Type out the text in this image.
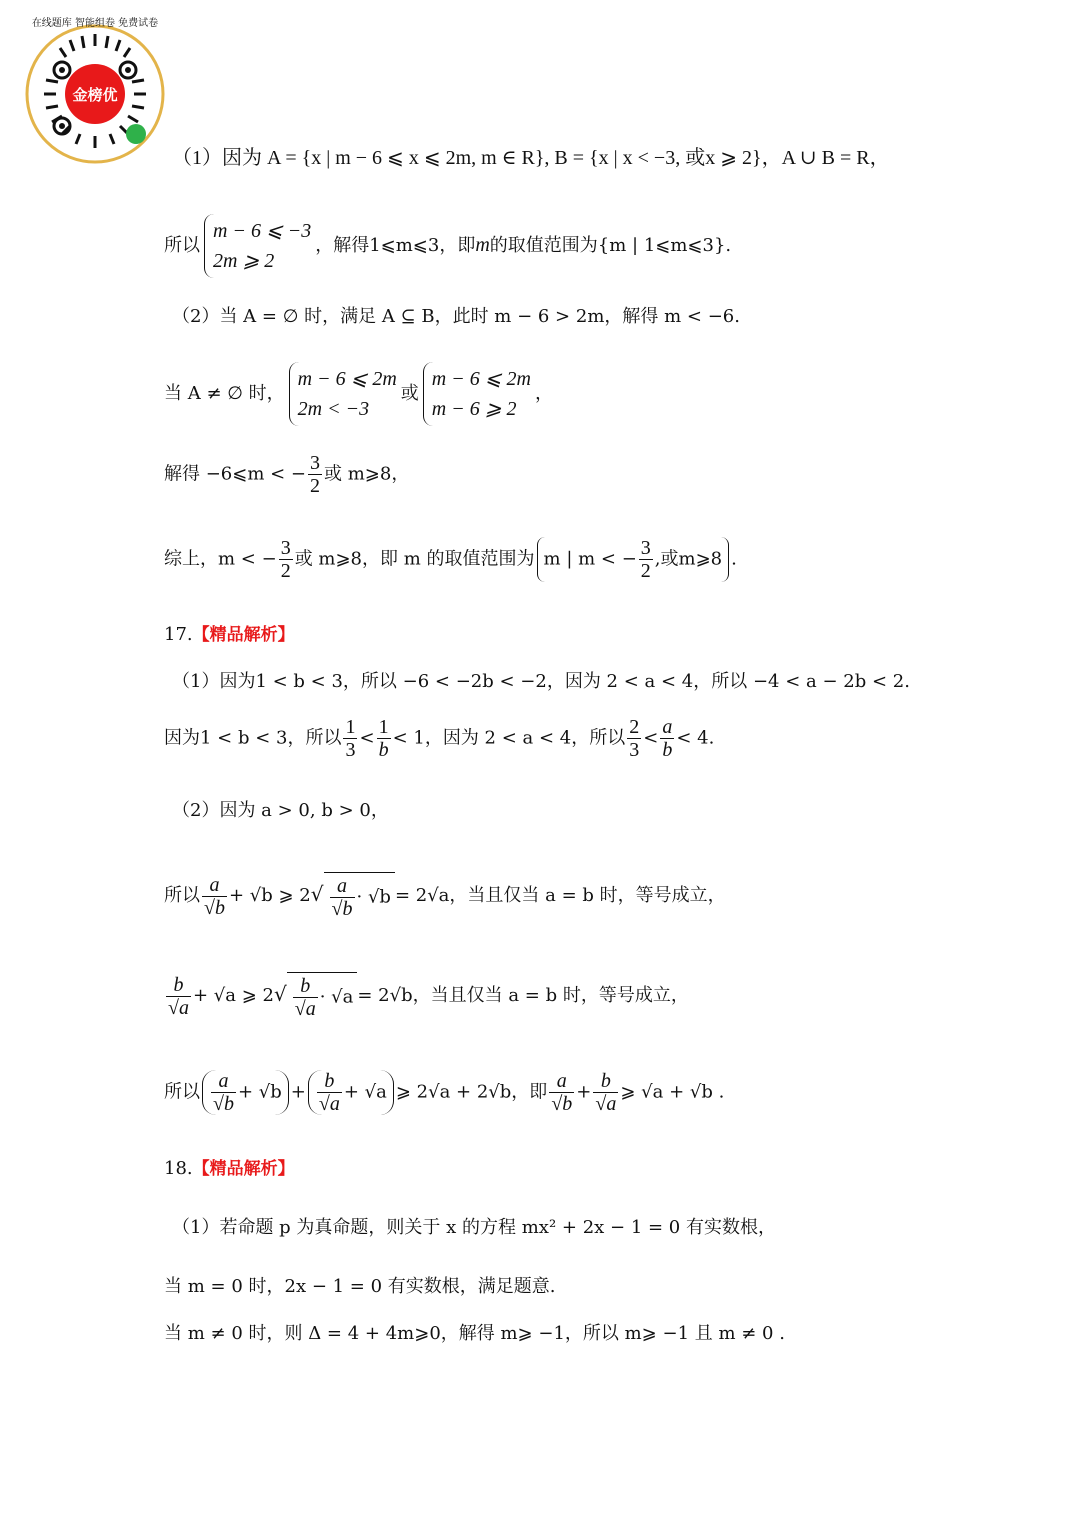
金榜优
在线题库 智能组卷 免费试卷
（1）因为 A = {x | m − 6 ⩽ x ⩽ 2m, m ∈ R}, B = {x | x < −3, 或x ⩾ 2}，A ∪ B = R，
所以
m − 6 ⩽ −3
2m ⩾ 2
，解得1⩽m⩽3，即m的取值范围为{m | 1⩽m⩽3}.
（2）当 A = ∅ 时，满足 A ⊆ B，此时 m − 6 > 2m，解得 m < −6.
当 A ≠ ∅ 时，
m − 6 ⩽ 2m
2m < −3
或
m − 6 ⩽ 2m
m − 6 ⩾ 2
，
解得 −6⩽m < − $\frac{3}{2}$ 或 m⩾8，
综上，m < − $\frac{3}{2}$ 或 m⩾8，即 m 的取值范围为 m | m < − $\frac{3}{2}$ ,或m⩾8 .
17.【精品解析】
（1）因为1 < b < 3，所以 −6 < −2b < −2，因为 2 < a < 4，所以 −4 < a − 2b < 2.
因为1 < b < 3，所以 $\frac{1}{3} < \frac{1}{b} < 1$，因为 2 < a < 4，所以 $\frac{2}{3} < \frac{a}{b} < 4$.
（2）因为 a > 0, b > 0，
所以 $\frac{a}{√b} + √b$ ⩾ $2√ \frac{a}{√b} \cdot √b = 2√a$，当且仅当 a = b 时，等号成立，
$\frac{b}{√a} + √a$ ⩾ $2√ \frac{b}{√a} \cdot √a = 2√b$，当且仅当 a = b 时，等号成立，
所以 $\frac{a}{√b} + √b + \frac{b}{√a} + √a$ ⩾ 2√a + 2√b，即 $\frac{a}{√b} + \frac{b}{√a}$ ⩾ √a + √b .
18.【精品解析】
（1）若命题 p 为真命题，则关于 x 的方程 mx² + 2x − 1 = 0 有实数根，
当 m = 0 时，2x − 1 = 0 有实数根，满足题意.
当 m ≠ 0 时，则 Δ = 4 + 4m⩾0，解得 m⩾ −1，所以 m⩾ −1 且 m ≠ 0 .
